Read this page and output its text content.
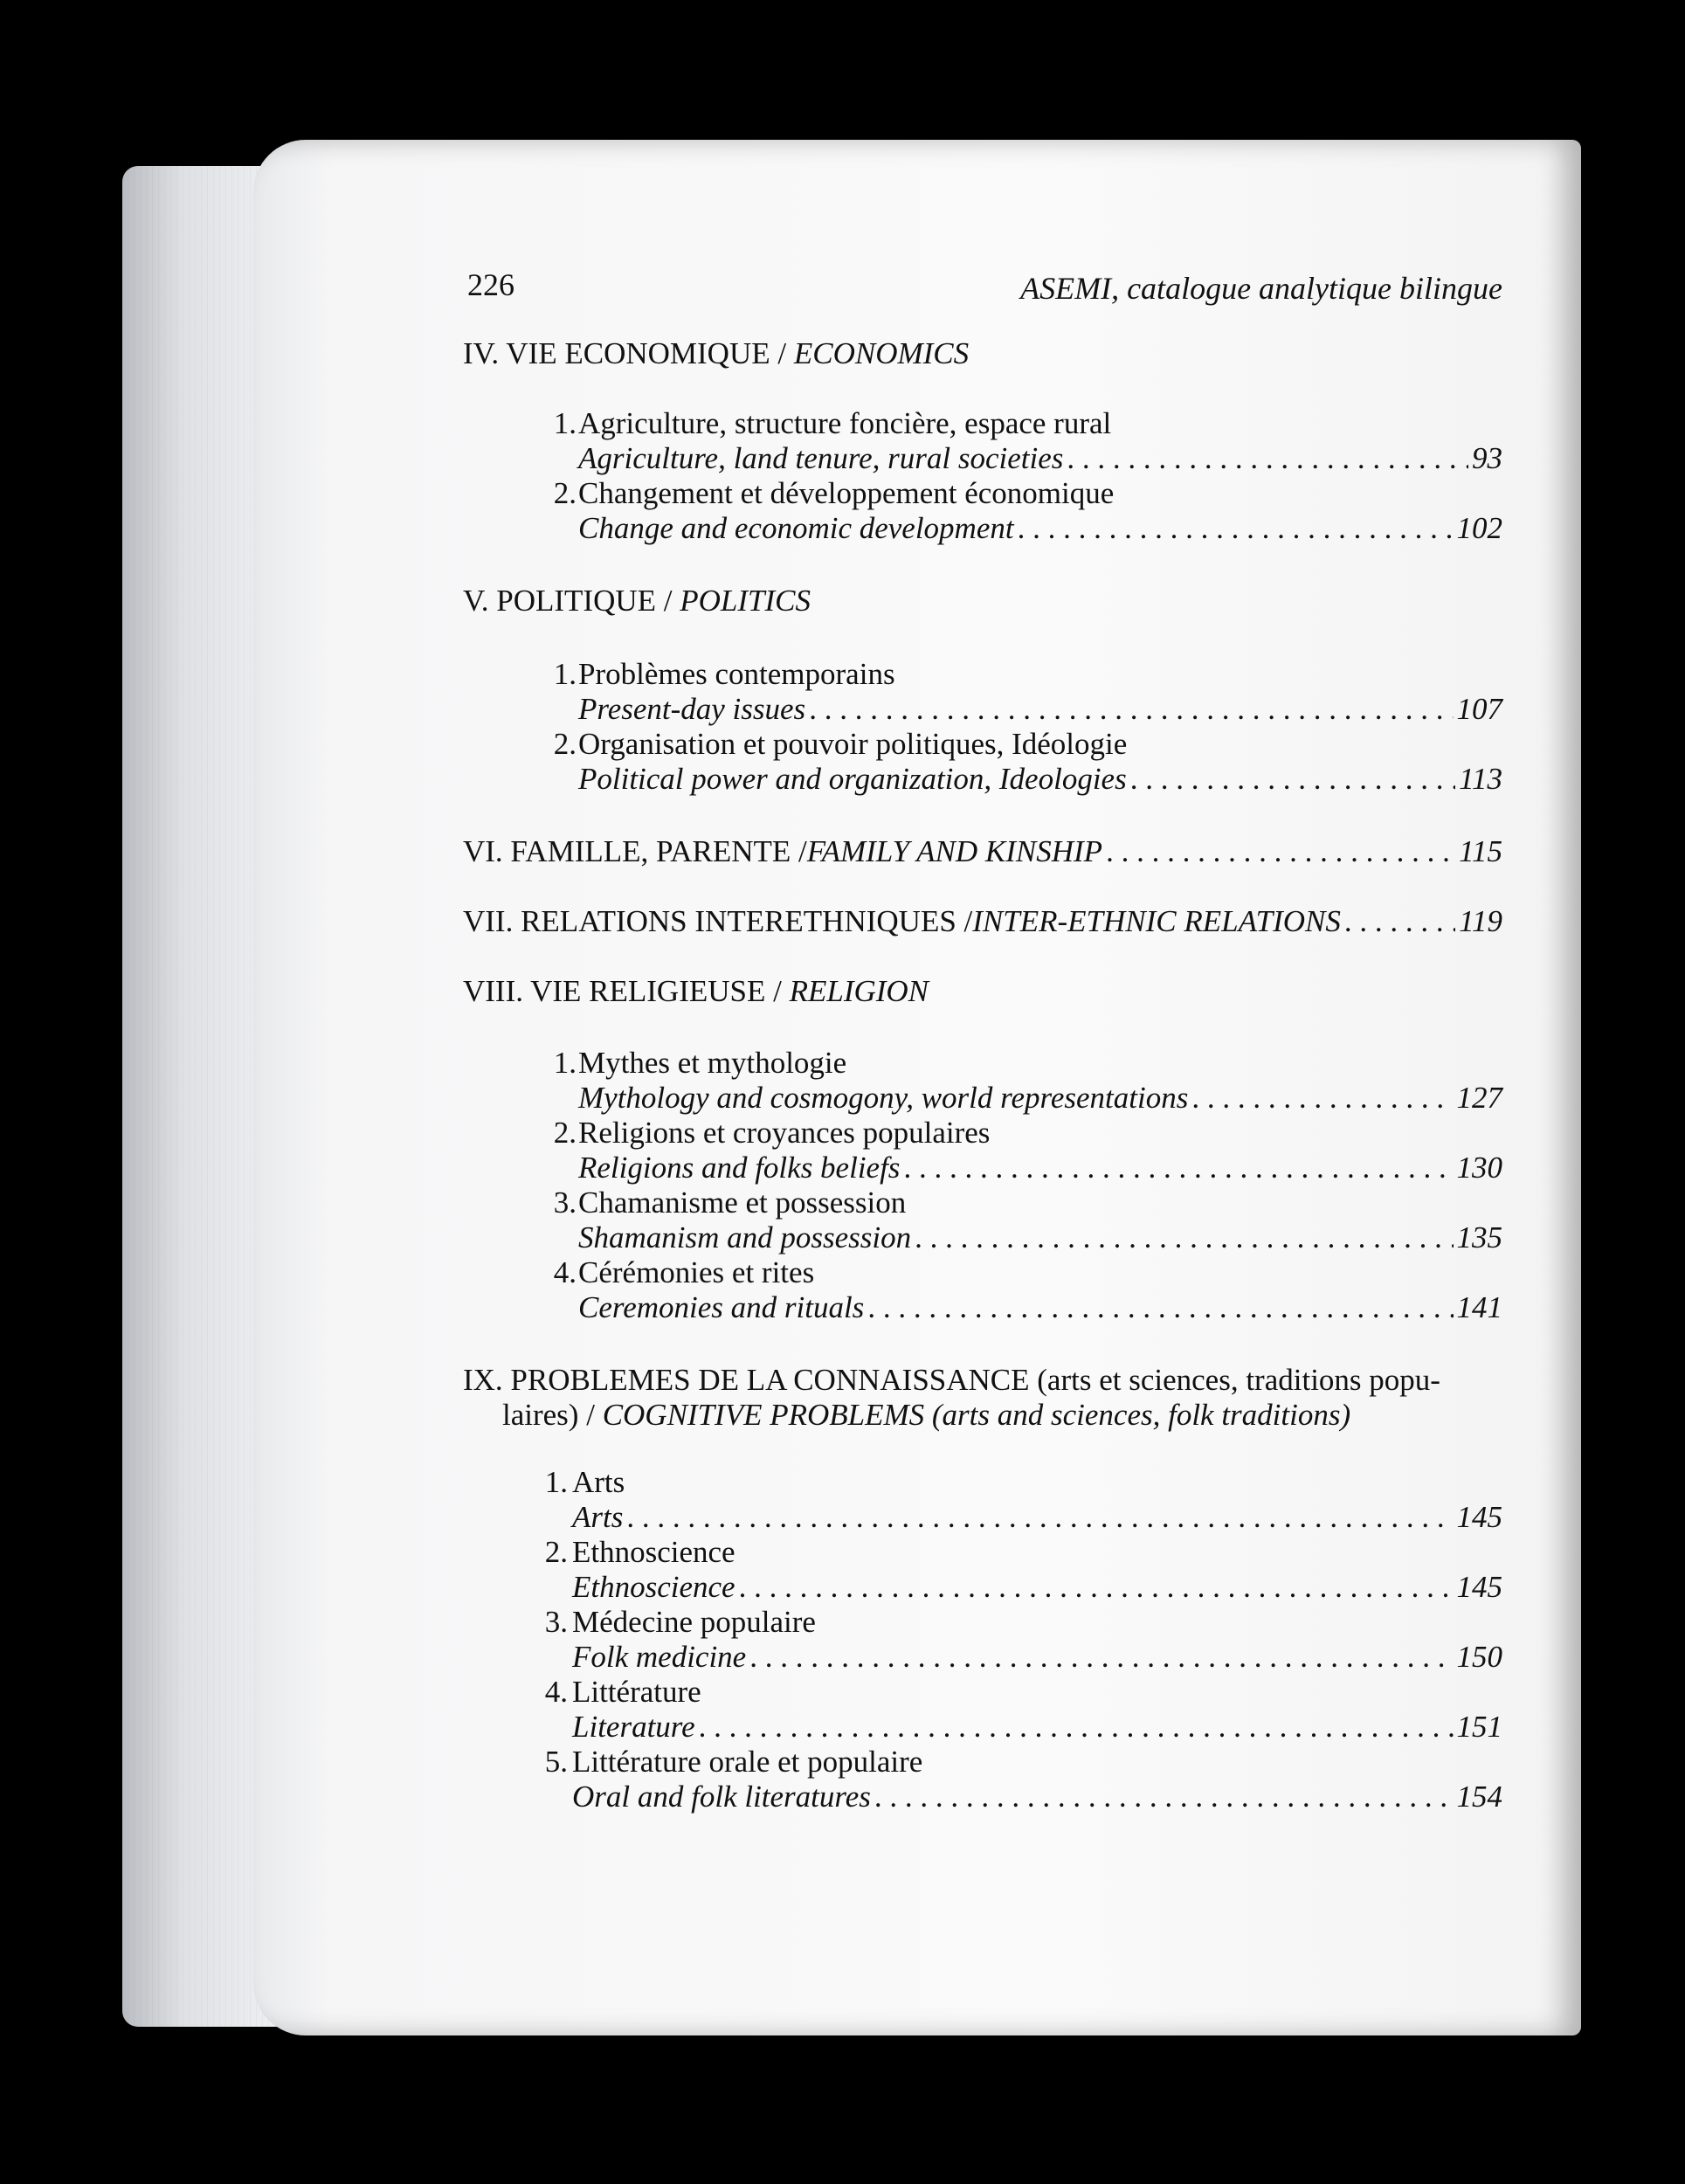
226	ASEMI, catalogue analytique bilingue
IV. VIE ECONOMIQUE / ECONOMICS
1. Agriculture, structure foncière, espace rural
Agriculture, land tenure, rural societies . . .	93
2. Changement et développement économique
Change and economic development . . .	102
V. POLITIQUE / POLITICS
1. Problèmes contemporains
Present-day issues . . .	107
2. Organisation et pouvoir politiques, Idéologie
Political power and organization, Ideologies . . .	113
VI. FAMILLE, PARENTE / FAMILY AND KINSHIP . . .	115
VII. RELATIONS INTERETHNIQUES / INTER-ETHNIC RELATIONS . . .	119
VIII. VIE RELIGIEUSE / RELIGION
1. Mythes et mythologie
Mythology and cosmogony, world representations . . .	127
2. Religions et croyances populaires
Religions and folks beliefs . . .	130
3. Chamanisme et possession
Shamanism and possession . . .	135
4. Cérémonies et rites
Ceremonies and rituals . . .	141
IX. PROBLEMES DE LA CONNAISSANCE (arts et sciences, traditions popu-
laires) / COGNITIVE PROBLEMS (arts and sciences, folk traditions)
1. Arts
Arts . . .	145
2. Ethnoscience
Ethnoscience . . .	145
3. Médecine populaire
Folk medicine . . .	150
4. Littérature
Literature . . .	151
5. Littérature orale et populaire
Oral and folk literatures . . .	154
